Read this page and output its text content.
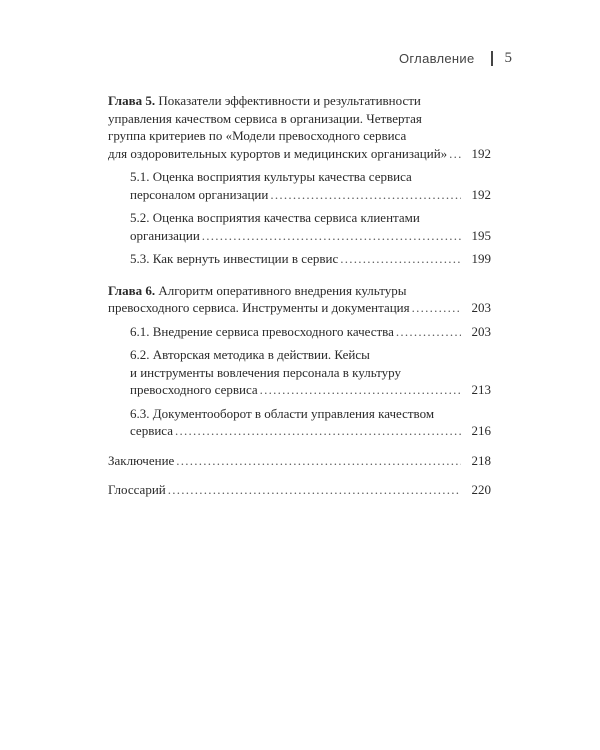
Оглавление 5
Глава 5. Показатели эффективности и результативности
управления качеством сервиса в организации. Четвертая
группа критериев по «Модели превосходного сервиса
для оздоровительных курортов и медицинских организаций» . . .	192
5.1. Оценка восприятия культуры качества сервиса
персоналом организации . . .	192
5.2. Оценка восприятия качества сервиса клиентами
организации . . .	195
5.3. Как вернуть инвестиции в сервис . . .	199
Глава 6. Алгоритм оперативного внедрения культуры
превосходного сервиса. Инструменты и документация . . .	203
6.1. Внедрение сервиса превосходного качества . . .	203
6.2. Авторская методика в действии. Кейсы
и инструменты вовлечения персонала в культуру
превосходного сервиса . . .	213
6.3. Документооборот в области управления качеством
сервиса . . .	216
Заключение . . .	218
Глоссарий . . .	220
